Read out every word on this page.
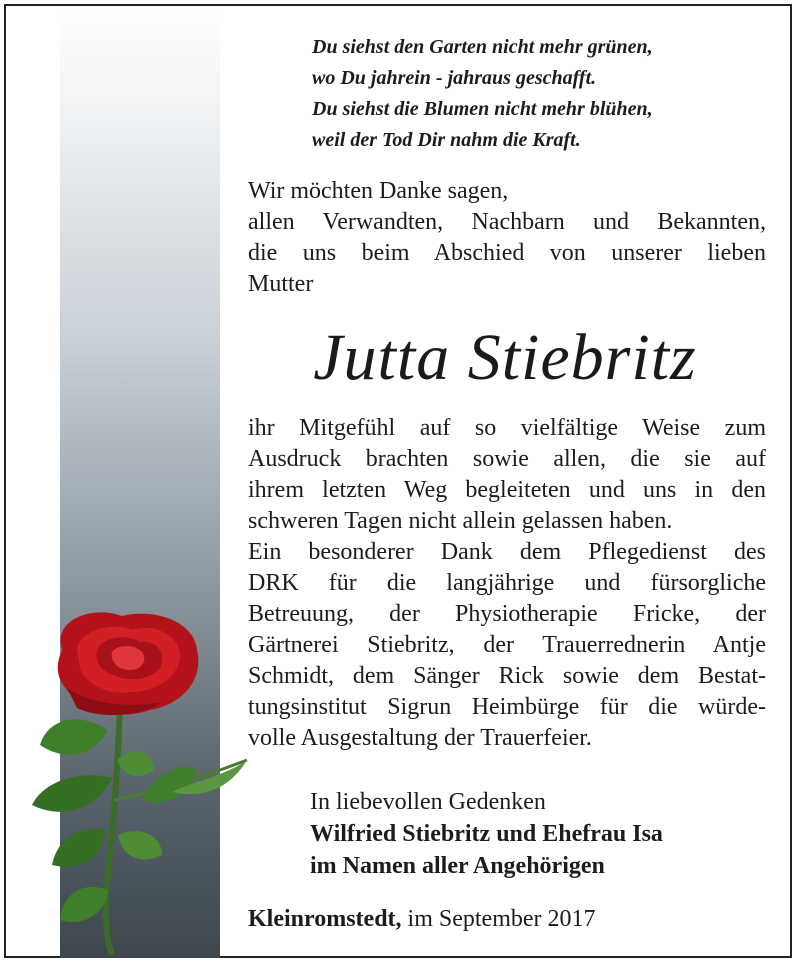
Du siehst den Garten nicht mehr grünen,
wo Du jahrein - jahraus geschafft.
Du siehst die Blumen nicht mehr blühen,
weil der Tod Dir nahm die Kraft.
Wir möchten Danke sagen,
allen Verwandten, Nachbarn und Bekannten,
die uns beim Abschied von unserer lieben
Mutter
Jutta Stiebritz
ihr Mitgefühl auf so vielfältige Weise zum
Ausdruck brachten sowie allen, die sie auf
ihrem letzten Weg begleiteten und uns in den
schweren Tagen nicht allein gelassen haben.
Ein besonderer Dank dem Pflegedienst des
DRK für die langjährige und fürsorgliche
Betreuung, der Physiotherapie Fricke, der
Gärtnerei Stiebritz, der Trauerrednerin Antje
Schmidt, dem Sänger Rick sowie dem Bestat-
tungsinstitut Sigrun Heimbürge für die würde-
volle Ausgestaltung der Trauerfeier.
In liebevollen Gedenken
Wilfried Stiebritz und Ehefrau Isa
im Namen aller Angehörigen
Kleinromstedt, im September 2017
